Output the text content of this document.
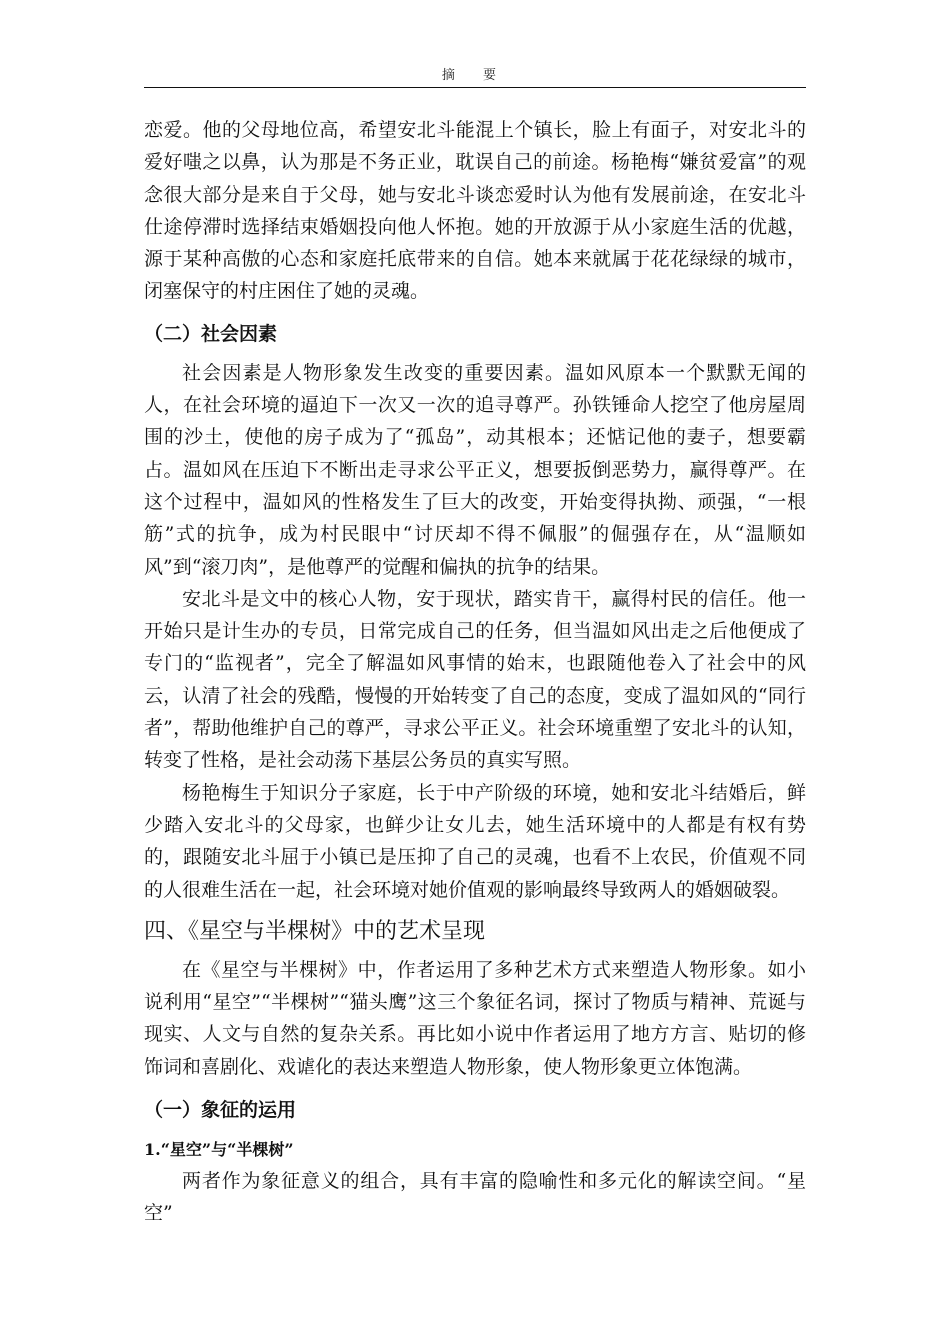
摘 要

恋爱。他的父母地位高，希望安北斗能混上个镇长，脸上有面子，对安北斗的爱好嗤之以鼻，认为那是不务正业，耽误自己的前途。杨艳梅“嫌贫爱富”的观念很大部分是来自于父母，她与安北斗谈恋爱时认为他有发展前途，在安北斗仕途停滞时选择结束婚姻投向他人怀抱。她的开放源于从小家庭生活的优越，源于某种高傲的心态和家庭托底带来的自信。她本来就属于花花绿绿的城市，闭塞保守的村庄困住了她的灵魂。

（二）社会因素

社会因素是人物形象发生改变的重要因素。温如风原本一个默默无闻的人，在社会环境的逼迫下一次又一次的追寻尊严。孙铁锤命人挖空了他房屋周围的沙土，使他的房子成为了“孤岛”，动其根本；还惦记他的妻子，想要霸占。温如风在压迫下不断出走寻求公平正义，想要扳倒恶势力，赢得尊严。在这个过程中，温如风的性格发生了巨大的改变，开始变得执拗、顽强，“一根筋”式的抗争，成为村民眼中“讨厌却不得不佩服”的倔强存在，从“温顺如风”到“滚刀肉”，是他尊严的觉醒和偏执的抗争的结果。

安北斗是文中的核心人物，安于现状，踏实肯干，赢得村民的信任。他一开始只是计生办的专员，日常完成自己的任务，但当温如风出走之后他便成了专门的“监视者”，完全了解温如风事情的始末，也跟随他卷入了社会中的风云，认清了社会的残酷，慢慢的开始转变了自己的态度，变成了温如风的“同行者”，帮助他维护自己的尊严，寻求公平正义。社会环境重塑了安北斗的认知，转变了性格，是社会动荡下基层公务员的真实写照。

杨艳梅生于知识分子家庭，长于中产阶级的环境，她和安北斗结婚后，鲜少踏入安北斗的父母家，也鲜少让女儿去，她生活环境中的人都是有权有势的，跟随安北斗屈于小镇已是压抑了自己的灵魂，也看不上农民，价值观不同的人很难生活在一起，社会环境对她价值观的影响最终导致两人的婚姻破裂。

四、《星空与半棵树》中的艺术呈现

在《星空与半棵树》中，作者运用了多种艺术方式来塑造人物形象。如小说利用“星空”“半棵树”“猫头鹰”这三个象征名词，探讨了物质与精神、荒诞与现实、人文与自然的复杂关系。再比如小说中作者运用了地方方言、贴切的修饰词和喜剧化、戏谑化的表达来塑造人物形象，使人物形象更立体饱满。

（一）象征的运用
1.“星空”与“半棵树”

两者作为象征意义的组合，具有丰富的隐喻性和多元化的解读空间。“星空”
